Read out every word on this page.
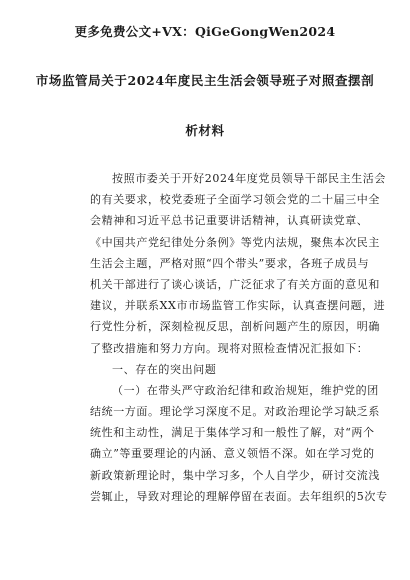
更多免费公文+VX：QiGeGongWen2024
市场监管局关于2024年度民主生活会领导班子对照查摆剖
析材料
按照市委关于开好2024年度党员领导干部民主生活会
的有关要求，校党委班子全面学习领会党的二十届三中全
会精神和习近平总书记重要讲话精神，认真研读党章、
《中国共产党纪律处分条例》等党内法规，聚焦本次民主
生活会主题，严格对照“四个带头”要求，各班子成员与
机关干部进行了谈心谈话，广泛征求了有关方面的意见和
建议，并联系XX市市场监管工作实际，认真查摆问题，进
行党性分析，深刻检视反思，剖析问题产生的原因，明确
了整改措施和努力方向。现将对照检查情况汇报如下：
一、存在的突出问题
（一）在带头严守政治纪律和政治规矩，维护党的团
结统一方面。理论学习深度不足。对政治理论学习缺乏系
统性和主动性，满足于集体学习和一般性了解，对“两个
确立”等重要理论的内涵、意义领悟不深。如在学习党的
新政策新理论时，集中学习多，个人自学少，研讨交流浅
尝辄止，导致对理论的理解停留在表面。去年组织的5次专
